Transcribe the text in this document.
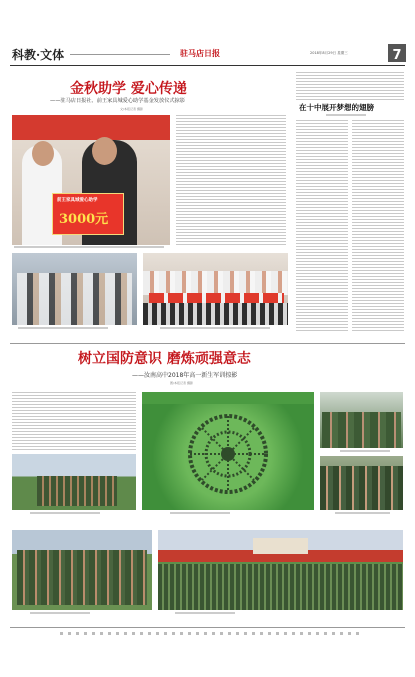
科教·文体	驻马店日报	2018年8月29日 星期三	7
金秋助学 爱心传递
——驻马店日报社、前王家具城爱心助学基金发放仪式掠影
文/本报记者 摄影
前王家具城爱心助学
3000元
在十中展开梦想的翅膀
树立国防意识 磨炼顽强意志
——汝南高中2018年高一新生军训掠影
图/本报记者 摄影
